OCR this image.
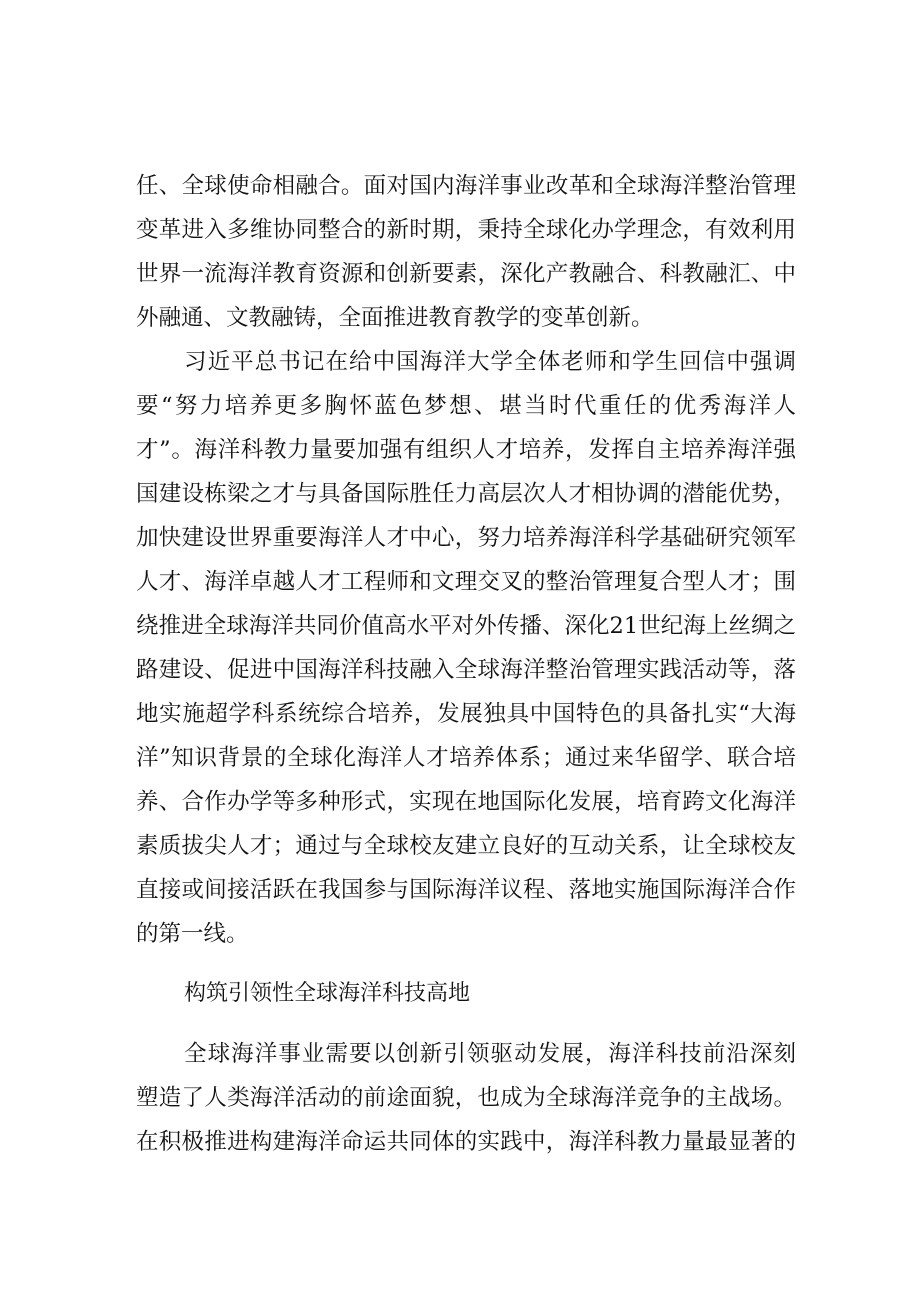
任、全球使命相融合。面对国内海洋事业改革和全球海洋整治管理
变革进入多维协同整合的新时期，秉持全球化办学理念，有效利用
世界一流海洋教育资源和创新要素，深化产教融合、科教融汇、中
外融通、文教融铸，全面推进教育教学的变革创新。
习近平总书记在给中国海洋大学全体老师和学生回信中强调
要“努力培养更多胸怀蓝色梦想、堪当时代重任的优秀海洋人
才”。海洋科教力量要加强有组织人才培养，发挥自主培养海洋强
国建设栋梁之才与具备国际胜任力高层次人才相协调的潜能优势，
加快建设世界重要海洋人才中心，努力培养海洋科学基础研究领军
人才、海洋卓越人才工程师和文理交叉的整治管理复合型人才；围
绕推进全球海洋共同价值高水平对外传播、深化21世纪海上丝绸之
路建设、促进中国海洋科技融入全球海洋整治管理实践活动等，落
地实施超学科系统综合培养，发展独具中国特色的具备扎实“大海
洋”知识背景的全球化海洋人才培养体系；通过来华留学、联合培
养、合作办学等多种形式，实现在地国际化发展，培育跨文化海洋
素质拔尖人才；通过与全球校友建立良好的互动关系，让全球校友
直接或间接活跃在我国参与国际海洋议程、落地实施国际海洋合作
的第一线。
构筑引领性全球海洋科技高地
全球海洋事业需要以创新引领驱动发展，海洋科技前沿深刻
塑造了人类海洋活动的前途面貌，也成为全球海洋竞争的主战场。
在积极推进构建海洋命运共同体的实践中，海洋科教力量最显著的
